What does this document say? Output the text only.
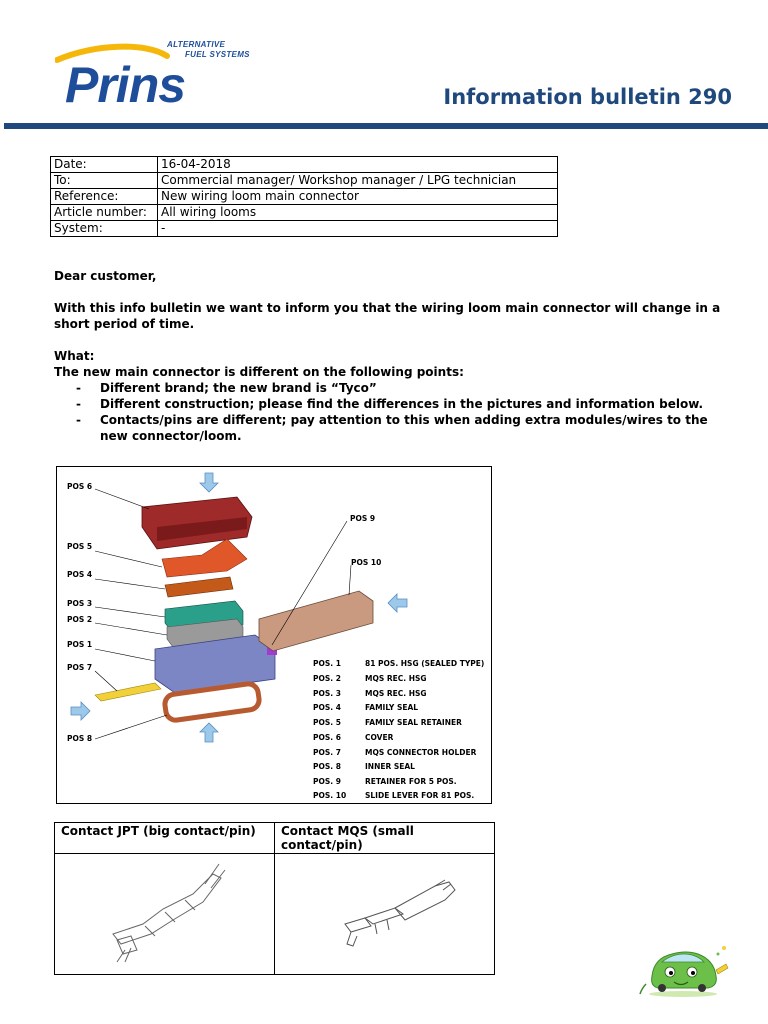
ALTERNATIVE
FUEL SYSTEMS
Prins	Information bulletin 290
Date:	16-04-2018
To:	Commercial manager/ Workshop manager / LPG technician
Reference:	New wiring loom main connector
Article number:	All wiring looms
System:	-

Dear customer,

With this info bulletin we want to inform you that the wiring loom main connector will change in a short period of time.

What:

The new main connector is different on the following points:

- Different brand; the new brand is “Tyco”
- Different construction; please find the differences in the pictures and information below.
- Contacts/pins are different; pay attention to this when adding extra modules/wires to the new connector/loom.
POS 6
POS 5
POS 4
POS 3
POS 2
POS 1
POS 7
POS 8
POS 9
POS 10
POS. 1	81 POS. HSG (SEALED TYPE)
POS. 2	MQS REC. HSG
POS. 3	MQS REC. HSG
POS. 4	FAMILY SEAL
POS. 5	FAMILY SEAL RETAINER
POS. 6	COVER
POS. 7	MQS CONNECTOR HOLDER
POS. 8	INNER SEAL
POS. 9	RETAINER FOR 5 POS.
POS. 10	SLIDE LEVER FOR 81 POS.
Contact JPT (big contact/pin)	Contact MQS (small contact/pin)
